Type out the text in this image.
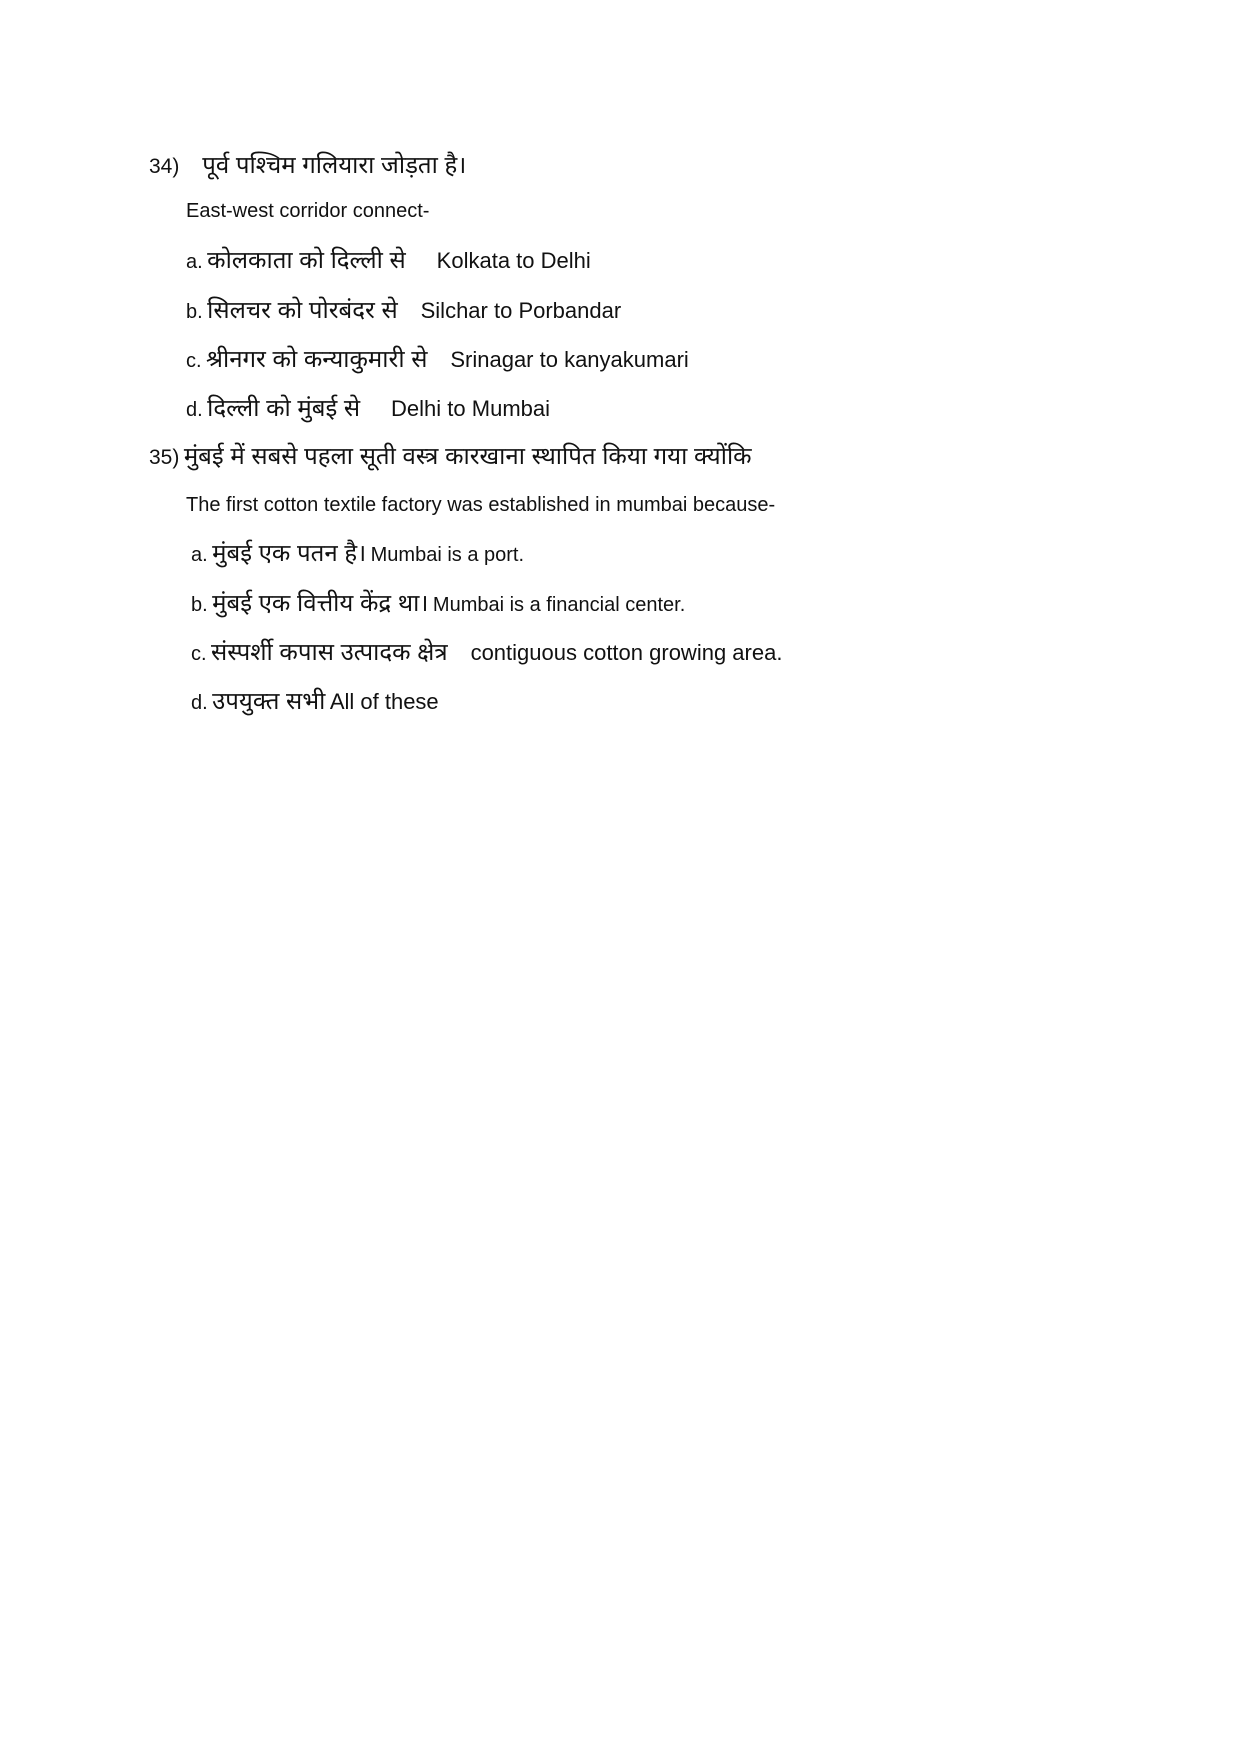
34) पूर्व पश्चिम गलियारा जोड़ता है।
East-west corridor connect-
a. कोलकाता को दिल्ली से Kolkata to Delhi
b. सिलचर को पोरबंदर से Silchar to Porbandar
c. श्रीनगर को कन्याकुमारी से Srinagar to kanyakumari
d. दिल्ली को मुंबई से Delhi to Mumbai
35) मुंबई में सबसे पहला सूती वस्त्र कारखाना स्थापित किया गया क्योंकि
The first cotton textile factory was established in mumbai because-
a. मुंबई एक पतन है। Mumbai is a port.
b. मुंबई एक वित्तीय केंद्र था। Mumbai is a financial center.
c. संस्पर्शी कपास उत्पादक क्षेत्र contiguous cotton growing area.
d. उपयुक्त सभी All of these
